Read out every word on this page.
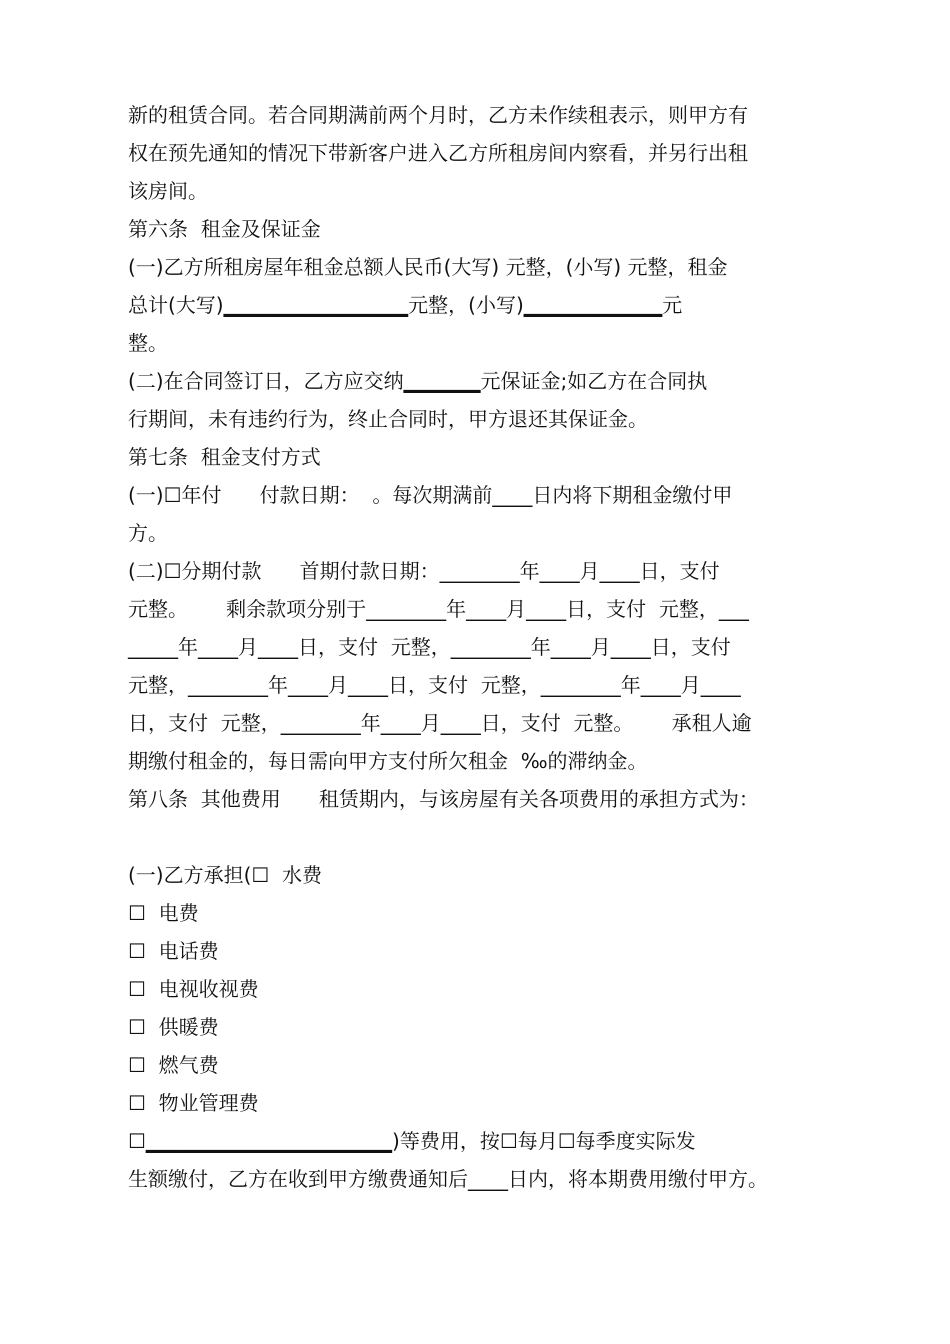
新的租赁合同。若合同期满前两个月时，乙方未作续租表示，则甲方有
权在预先通知的情况下带新客户进入乙方所租房间内察看，并另行出租
该房间。
第六条  租金及保证金
(一)乙方所租房屋年租金总额人民币(大写) 元整，(小写) 元整，租金
总计(大写)▁▁▁▁▁▁▁▁▁▁▁▁元整，(小写)▁▁▁▁▁▁▁▁▁元
整。
(二)在合同签订日，乙方应交纳▁▁▁▁▁元保证金;如乙方在合同执
行期间，未有违约行为，终止合同时，甲方退还其保证金。
第七条  租金支付方式
(一)☐年付      付款日期：  。每次期满前____日内将下期租金缴付甲
方。
(二)☐分期付款      首期付款日期：________年____月____日，支付
元整。      剩余款项分别于________年____月____日，支付  元整，___
_____年____月____日，支付  元整，________年____月____日，支付
元整，________年____月____日，支付  元整，________年____月____
日，支付  元整，________年____月____日，支付  元整。      承租人逾
期缴付租金的，每日需向甲方支付所欠租金  ‰的滞纳金。
第八条  其他费用      租赁期内，与该房屋有关各项费用的承担方式为：
(一)乙方承担(☐  水费
☐  电费
☐  电话费
☐  电视收视费
☐  供暖费
☐  燃气费
☐  物业管理费
☐▁▁▁▁▁▁▁▁▁▁▁▁▁▁▁▁)等费用，按☐每月☐每季度实际发
生额缴付，乙方在收到甲方缴费通知后____日内，将本期费用缴付甲方。
